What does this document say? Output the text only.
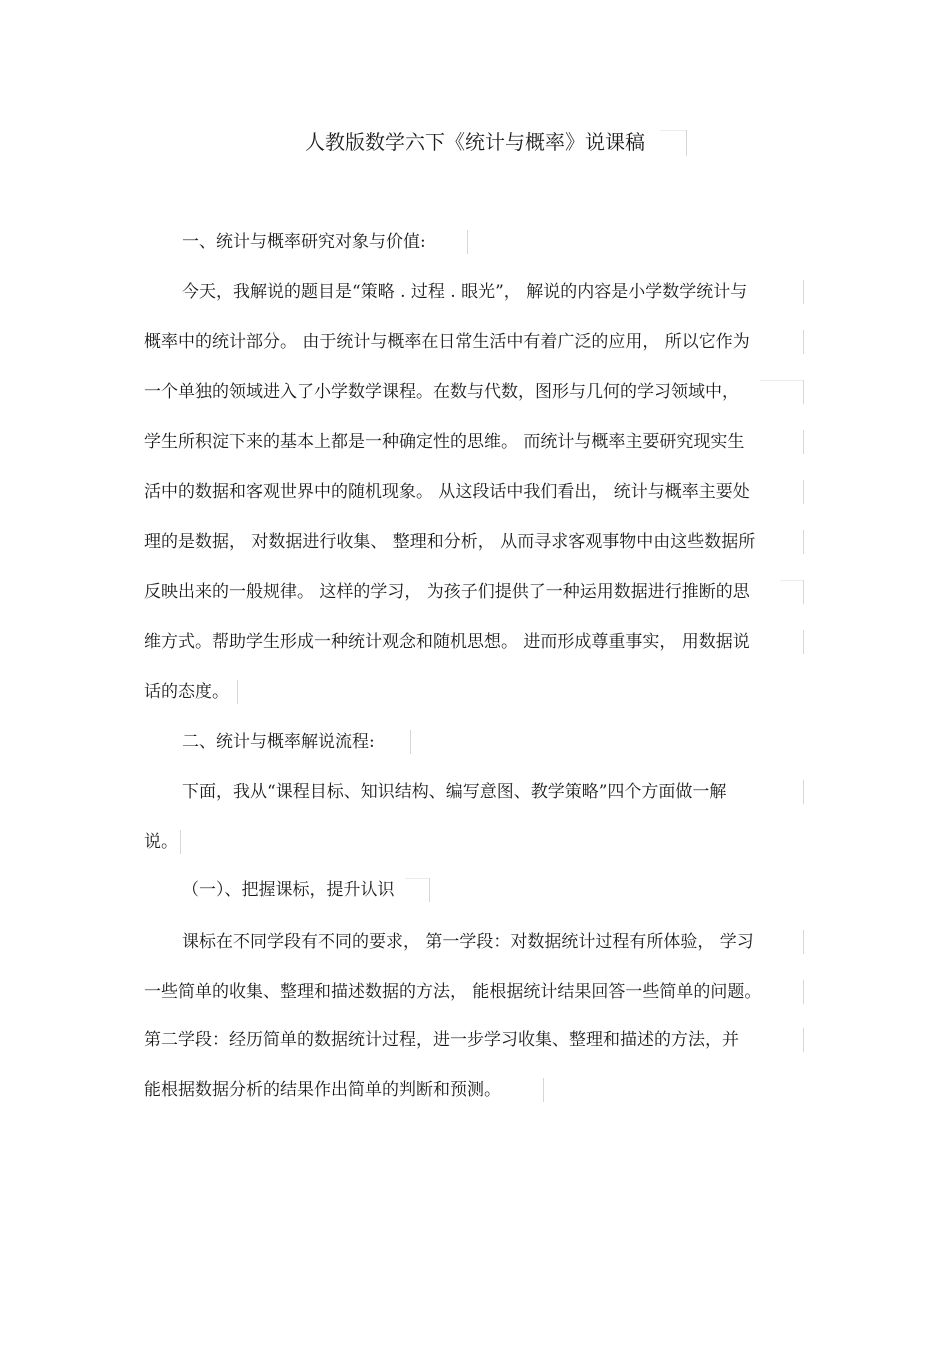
人教版数学六下《统计与概率》说课稿
一、统计与概率研究对象与价值:
今天，我解说的题目是“策略 . 过程 . 眼光”， 解说的内容是小学数学统计与
概率中的统计部分。 由于统计与概率在日常生活中有着广泛的应用， 所以它作为
一个单独的领域进入了小学数学课程。在数与代数，图形与几何的学习领域中，
学生所积淀下来的基本上都是一种确定性的思维。 而统计与概率主要研究现实生
活中的数据和客观世界中的随机现象。 从这段话中我们看出， 统计与概率主要处
理的是数据， 对数据进行收集、 整理和分析， 从而寻求客观事物中由这些数据所
反映出来的一般规律。 这样的学习， 为孩子们提供了一种运用数据进行推断的思
维方式。帮助学生形成一种统计观念和随机思想。 进而形成尊重事实， 用数据说
话的态度。
二、统计与概率解说流程:
下面，我从“课程目标、知识结构、编写意图、教学策略”四个方面做一解
说。
（一）、把握课标，提升认识
课标在不同学段有不同的要求， 第一学段：对数据统计过程有所体验， 学习
一些简单的收集、整理和描述数据的方法， 能根据统计结果回答一些简单的问题。
第二学段：经历简单的数据统计过程，进一步学习收集、整理和描述的方法，并
能根据数据分析的结果作出简单的判断和预测。
